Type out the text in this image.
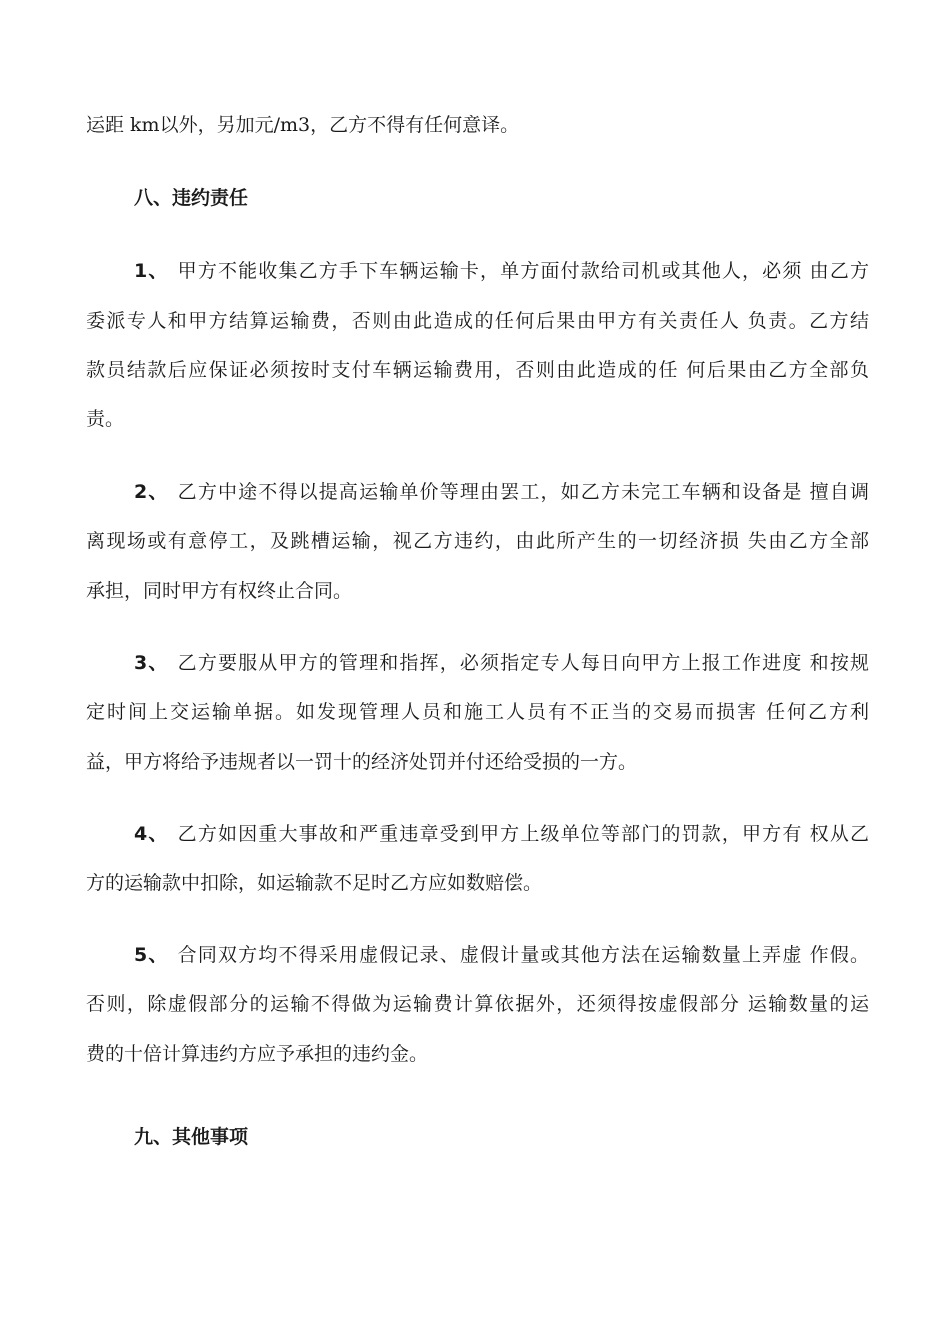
运距 km以外，另加元/m3，乙方不得有任何意译。
八、违约责任
1、 甲方不能收集乙方手下车辆运输卡，单方面付款给司机或其他人，必须 由乙方
委派专人和甲方结算运输费，否则由此造成的任何后果由甲方有关责任人 负责。乙方结
款员结款后应保证必须按时支付车辆运输费用，否则由此造成的任 何后果由乙方全部负
责。
2、 乙方中途不得以提高运输单价等理由罢工，如乙方未完工车辆和设备是 擅自调
离现场或有意停工，及跳槽运输，视乙方违约，由此所产生的一切经济损 失由乙方全部
承担，同时甲方有权终止合同。
3、 乙方要服从甲方的管理和指挥，必须指定专人每日向甲方上报工作进度 和按规
定时间上交运输单据。如发现管理人员和施工人员有不正当的交易而损害 任何乙方利
益，甲方将给予违规者以一罚十的经济处罚并付还给受损的一方。
4、 乙方如因重大事故和严重违章受到甲方上级单位等部门的罚款，甲方有 权从乙
方的运输款中扣除，如运输款不足时乙方应如数赔偿。
5、 合同双方均不得采用虚假记录、虚假计量或其他方法在运输数量上弄虚 作假。
否则，除虚假部分的运输不得做为运输费计算依据外，还须得按虚假部分 运输数量的运
费的十倍计算违约方应予承担的违约金。
九、其他事项
